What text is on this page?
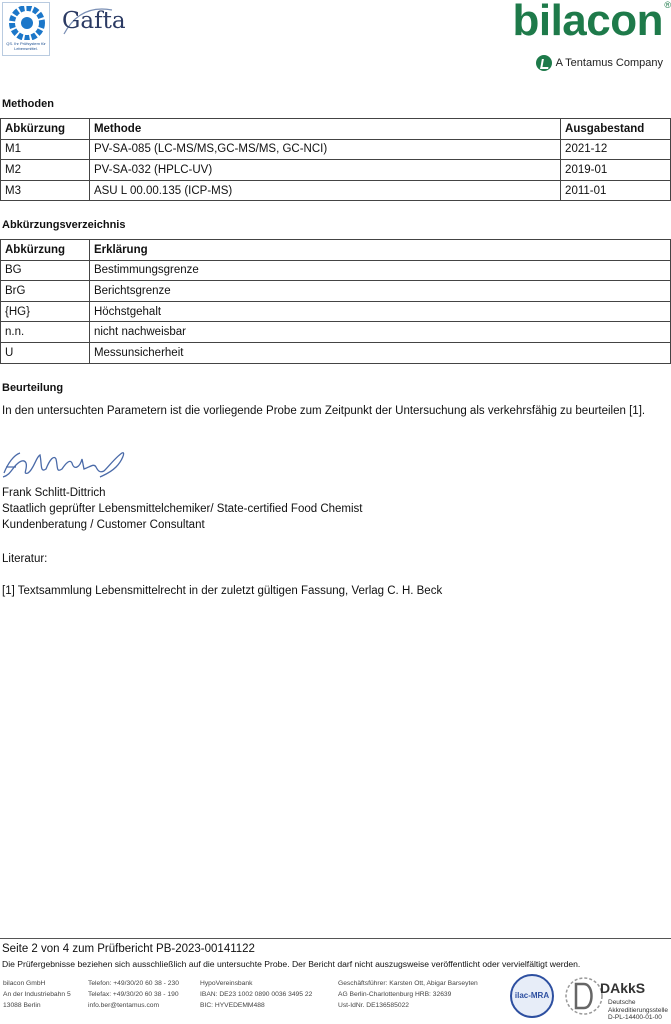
QS. Ihr Prüfsystem für Lebensmittel.
Gafta	bilacon ®
A Tentamus Company
Methoden
Abkürzung	Methode	Ausgabestand
M1	PV-SA-085 (LC-MS/MS,GC-MS/MS, GC-NCI)	2021-12
M2	PV-SA-032 (HPLC-UV)	2019-01
M3	ASU L 00.00.135 (ICP-MS)	2011-01
Abkürzungsverzeichnis
Abkürzung	Erklärung
BG	Bestimmungsgrenze
BrG	Berichtsgrenze
{HG}	Höchstgehalt
n.n.	nicht nachweisbar
U	Messunsicherheit
Beurteilung
In den untersuchten Parametern ist die vorliegende Probe zum Zeitpunkt der Untersuchung als verkehrsfähig zu beurteilen [1].
Frank Schlitt-Dittrich
Staatlich geprüfter Lebensmittelchemiker/ State-certified Food Chemist
Kundenberatung / Customer Consultant
Literatur:
[1] Textsammlung Lebensmittelrecht in der zuletzt gültigen Fassung, Verlag C. H. Beck
Seite 2 von 4 zum Prüfbericht PB-2023-00141122
Die Prüfergebnisse beziehen sich ausschließlich auf die untersuchte Probe. Der Bericht darf nicht auszugsweise veröffentlicht oder vervielfältigt werden.
bilacon GmbH
An der Industriebahn 5
13088 Berlin
Telefon: +49/30/20 60 38 - 230
Telefax: +49/30/20 60 38 - 190
info.ber@tentamus.com
HypoVereinsbank
IBAN: DE23 1002 0890 0036 3495 22
BIC: HYVEDEMM488
Geschäftsführer: Karsten Ott, Abigar Barseyten
AG Berlin-Charlottenburg HRB: 32639
Ust-IdNr. DE136585022
ilac-MRA	DAkkS
Deutsche
Akkreditierungsstelle
D-PL-14400-01-00
